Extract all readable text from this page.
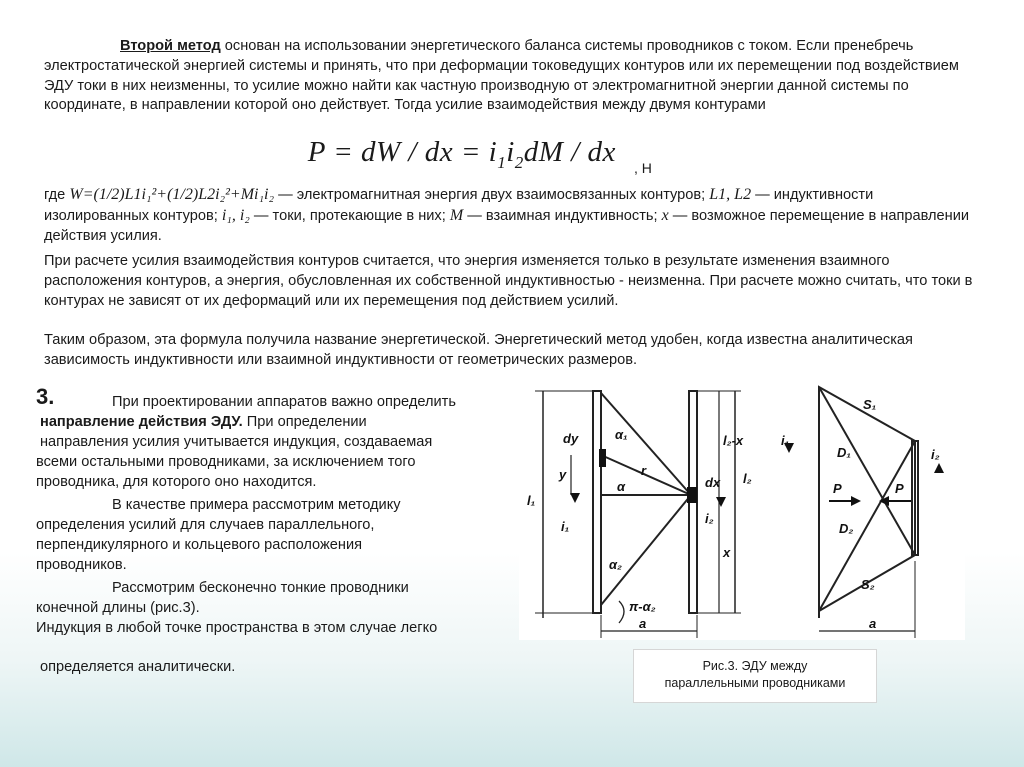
Второй метод основан на использовании энергетического баланса системы проводников с током. Если пренебречь электростатической энергией системы и принять, что при деформации токоведущих контуров или их перемещении под воздействием ЭДУ токи в них неизменны, то усилие можно найти как частную производную от электромагнитной энергии данной системы по координате, в направлении которой оно действует. Тогда усилие взаимодействия между двумя контурами

P = dW / dx = $i_1i_2dM$ / dx , Н

где W=(1/2)L1i₁²+(1/2)L2i₂²+Mi₁i₂ — электромагнитная энергия двух взаимосвязанных контуров; L1, L2 — индуктивности изолированных контуров; i₁, i₂ — токи, протекающие в них; M — взаимная индуктивность; x — возможное перемещение в направлении действия усилия.

При расчете усилия взаимодействия контуров считается, что энергия изменяется только в результате изменения взаимного расположения контуров, а энергия, обусловленная их собственной индуктивностью - неизменна. При расчете можно считать, что токи в контурах не зависят от их деформаций или их перемещения под действием усилий.

Таким образом, эта формула получила название энергетической. Энергетический метод удобен, когда известна аналитическая зависимость индуктивности или взаимной индуктивности от геометрических размеров.

3.	При проектировании аппаратов важно определить
направление действия ЭДУ. При определении
направления усилия учитывается индукция, создаваемая
всеми остальными проводниками, за исключением того
проводника, для которого оно находится.
В качестве примера рассмотрим методику
определения усилий для случаев параллельного,
перпендикулярного и кольцевого расположения
проводников.
Рассмотрим бесконечно тонкие проводники
конечной длины (рис.3).
Индукция в любой точке пространства в этом случае легко
определяется аналитически.
dy	α₁
r
α
y
l₁
i₁
α₂
π-α₂
a
dx
l₂-x
l₂
i₂
x
S₁
i₁
D₁
P	P
i₂
D₂
S₂
a
Рис.3. ЭДУ между
параллельными проводниками
